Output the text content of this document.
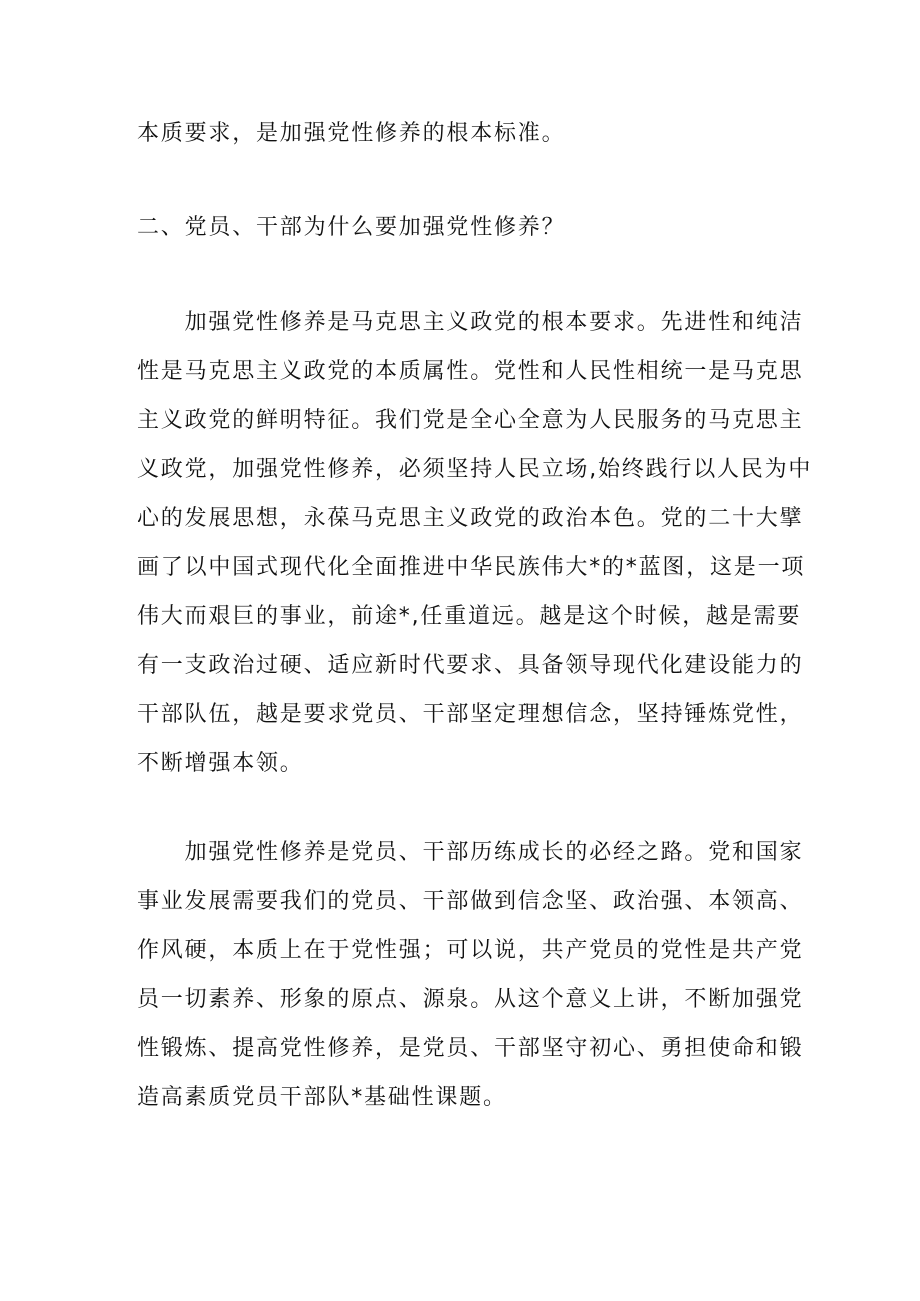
本质要求，是加强党性修养的根本标准。
二、党员、干部为什么要加强党性修养？
　　加强党性修养是马克思主义政党的根本要求。先进性和纯洁
性是马克思主义政党的本质属性。党性和人民性相统一是马克思
主义政党的鲜明特征。我们党是全心全意为人民服务的马克思主
义政党，加强党性修养，必须坚持人民立场,始终践行以人民为中
心的发展思想，永葆马克思主义政党的政治本色。党的二十大擘
画了以中国式现代化全面推进中华民族伟大*的*蓝图，这是一项
伟大而艰巨的事业，前途*,任重道远。越是这个时候，越是需要
有一支政治过硬、适应新时代要求、具备领导现代化建设能力的
干部队伍，越是要求党员、干部坚定理想信念，坚持锤炼党性，
不断增强本领。
　　加强党性修养是党员、干部历练成长的必经之路。党和国家
事业发展需要我们的党员、干部做到信念坚、政治强、本领高、
作风硬，本质上在于党性强；可以说，共产党员的党性是共产党
员一切素养、形象的原点、源泉。从这个意义上讲，不断加强党
性锻炼、提高党性修养，是党员、干部坚守初心、勇担使命和锻
造高素质党员干部队*基础性课题。
